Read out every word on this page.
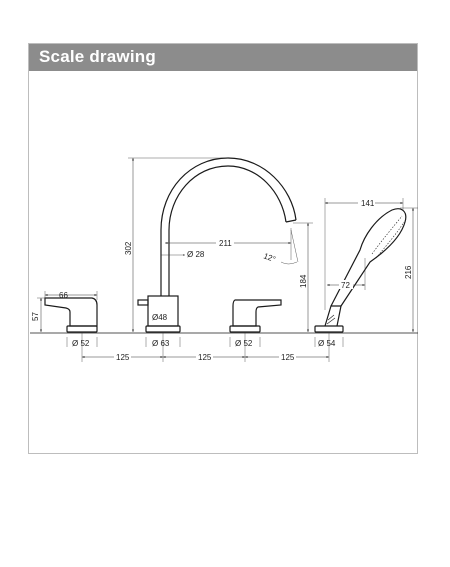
Scale drawing
66
57
Ø 52
302	211
Ø 28	12°
184
Ø48
Ø 63	Ø 52
141
216
72
Ø 54
125	125	125
